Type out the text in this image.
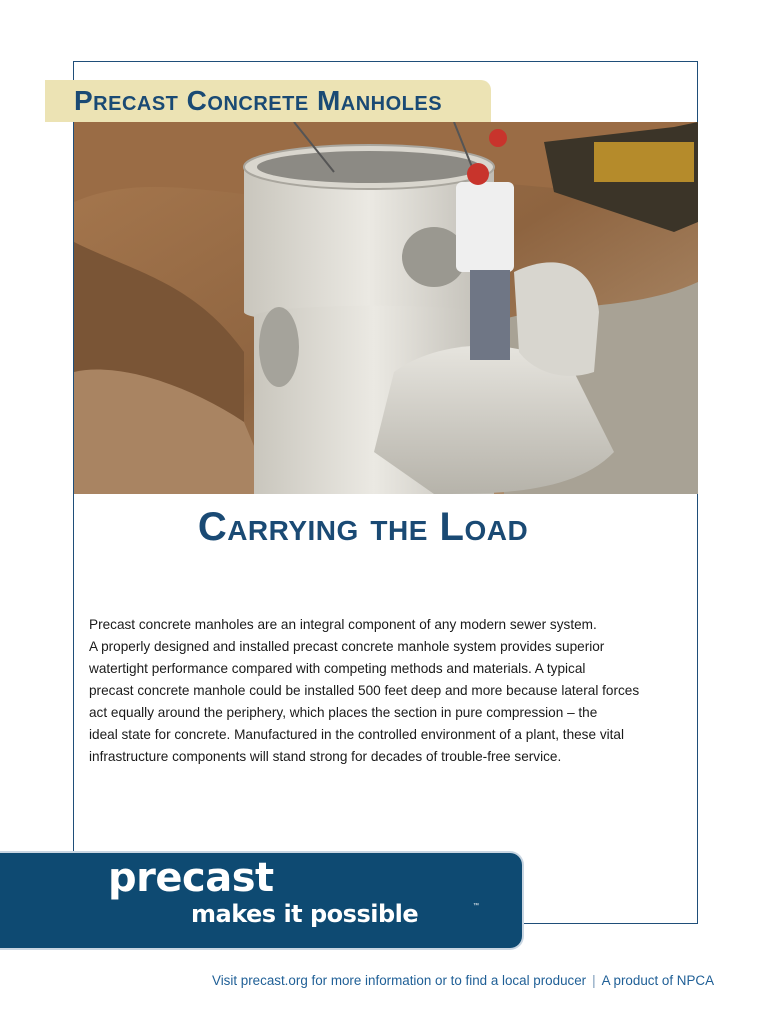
Precast Concrete Manholes
Carrying the Load

Precast concrete manholes are an integral component of any modern sewer system.
A properly designed and installed precast concrete manhole system provides superior
watertight performance compared with competing methods and materials. A typical
precast concrete manhole could be installed 500 feet deep and more because lateral forces
act equally around the periphery, which places the section in pure compression – the
ideal state for concrete. Manufactured in the controlled environment of a plant, these vital
infrastructure components will stand strong for decades of trouble-free service.

precast
makes it possible	™
Visit precast.org for more information or to find a local producer | A product of NPCA
